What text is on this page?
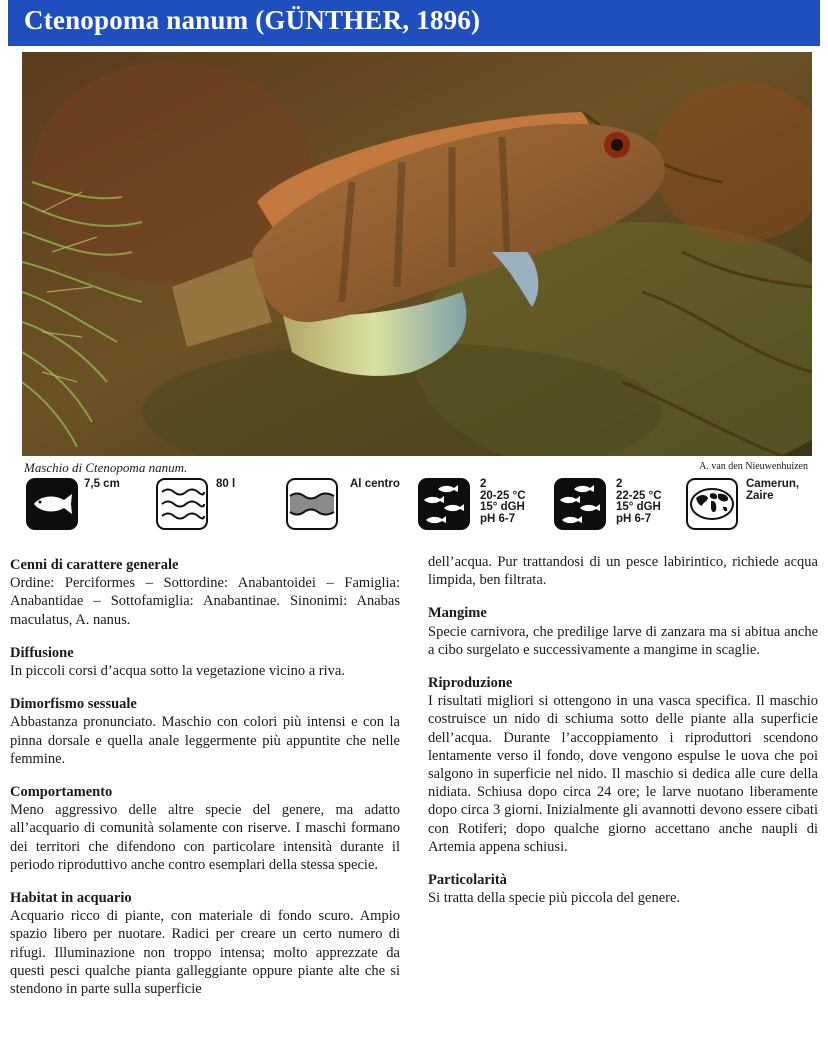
Ctenopoma nanum (GÜNTHER, 1896)
Maschio di Ctenopoma nanum.	A. van den Nieuwenhuizen
7,5 cm	80 l	Al centro	2
20-25 °C
15° dGH
pH 6-7
2
22-25 °C
15° dGH
pH 6-7
Camerun,
Zaire
Cenni di carattere generale

Ordine: Perciformes – Sottordine: Anabantoidei – Famiglia: Anabantidae – Sottofamiglia: Anabantinae. Sinonimi: Anabas maculatus, A. nanus.

Diffusione

In piccoli corsi d’acqua sotto la vegetazione vicino a riva.

Dimorfismo sessuale

Abbastanza pronunciato. Maschio con colori più intensi e con la pinna dorsale e quella anale leggermente più appuntite che nelle femmine.

Comportamento

Meno aggressivo delle altre specie del genere, ma adatto all’acquario di comunità solamente con riserve. I maschi formano dei territori che difendono con particolare intensità durante il periodo riproduttivo anche contro esemplari della stessa specie.

Habitat in acquario

Acquario ricco di piante, con materiale di fondo scuro. Ampio spazio libero per nuotare. Radici per creare un certo numero di rifugi. Illuminazione non troppo intensa; molto apprezzate da questi pesci qualche pianta galleggiante oppure piante alte che si stendono in parte sulla superficie

dell’acqua. Pur trattandosi di un pesce labirintico, richiede acqua limpida, ben filtrata.

Mangime

Specie carnivora, che predilige larve di zanzara ma si abitua anche a cibo surgelato e successivamente a mangime in scaglie.

Riproduzione

I risultati migliori si ottengono in una vasca specifica. Il maschio costruisce un nido di schiuma sotto delle piante alla superficie dell’acqua. Durante l’accoppiamento i riproduttori scendono lentamente verso il fondo, dove vengono espulse le uova che poi salgono in superficie nel nido. Il maschio si dedica alle cure della nidiata. Schiusa dopo circa 24 ore; le larve nuotano liberamente dopo circa 3 giorni. Inizialmente gli avannotti devono essere cibati con Rotiferi; dopo qualche giorno accettano anche naupli di Artemia appena schiusi.

Particolarità

Si tratta della specie più piccola del genere.
